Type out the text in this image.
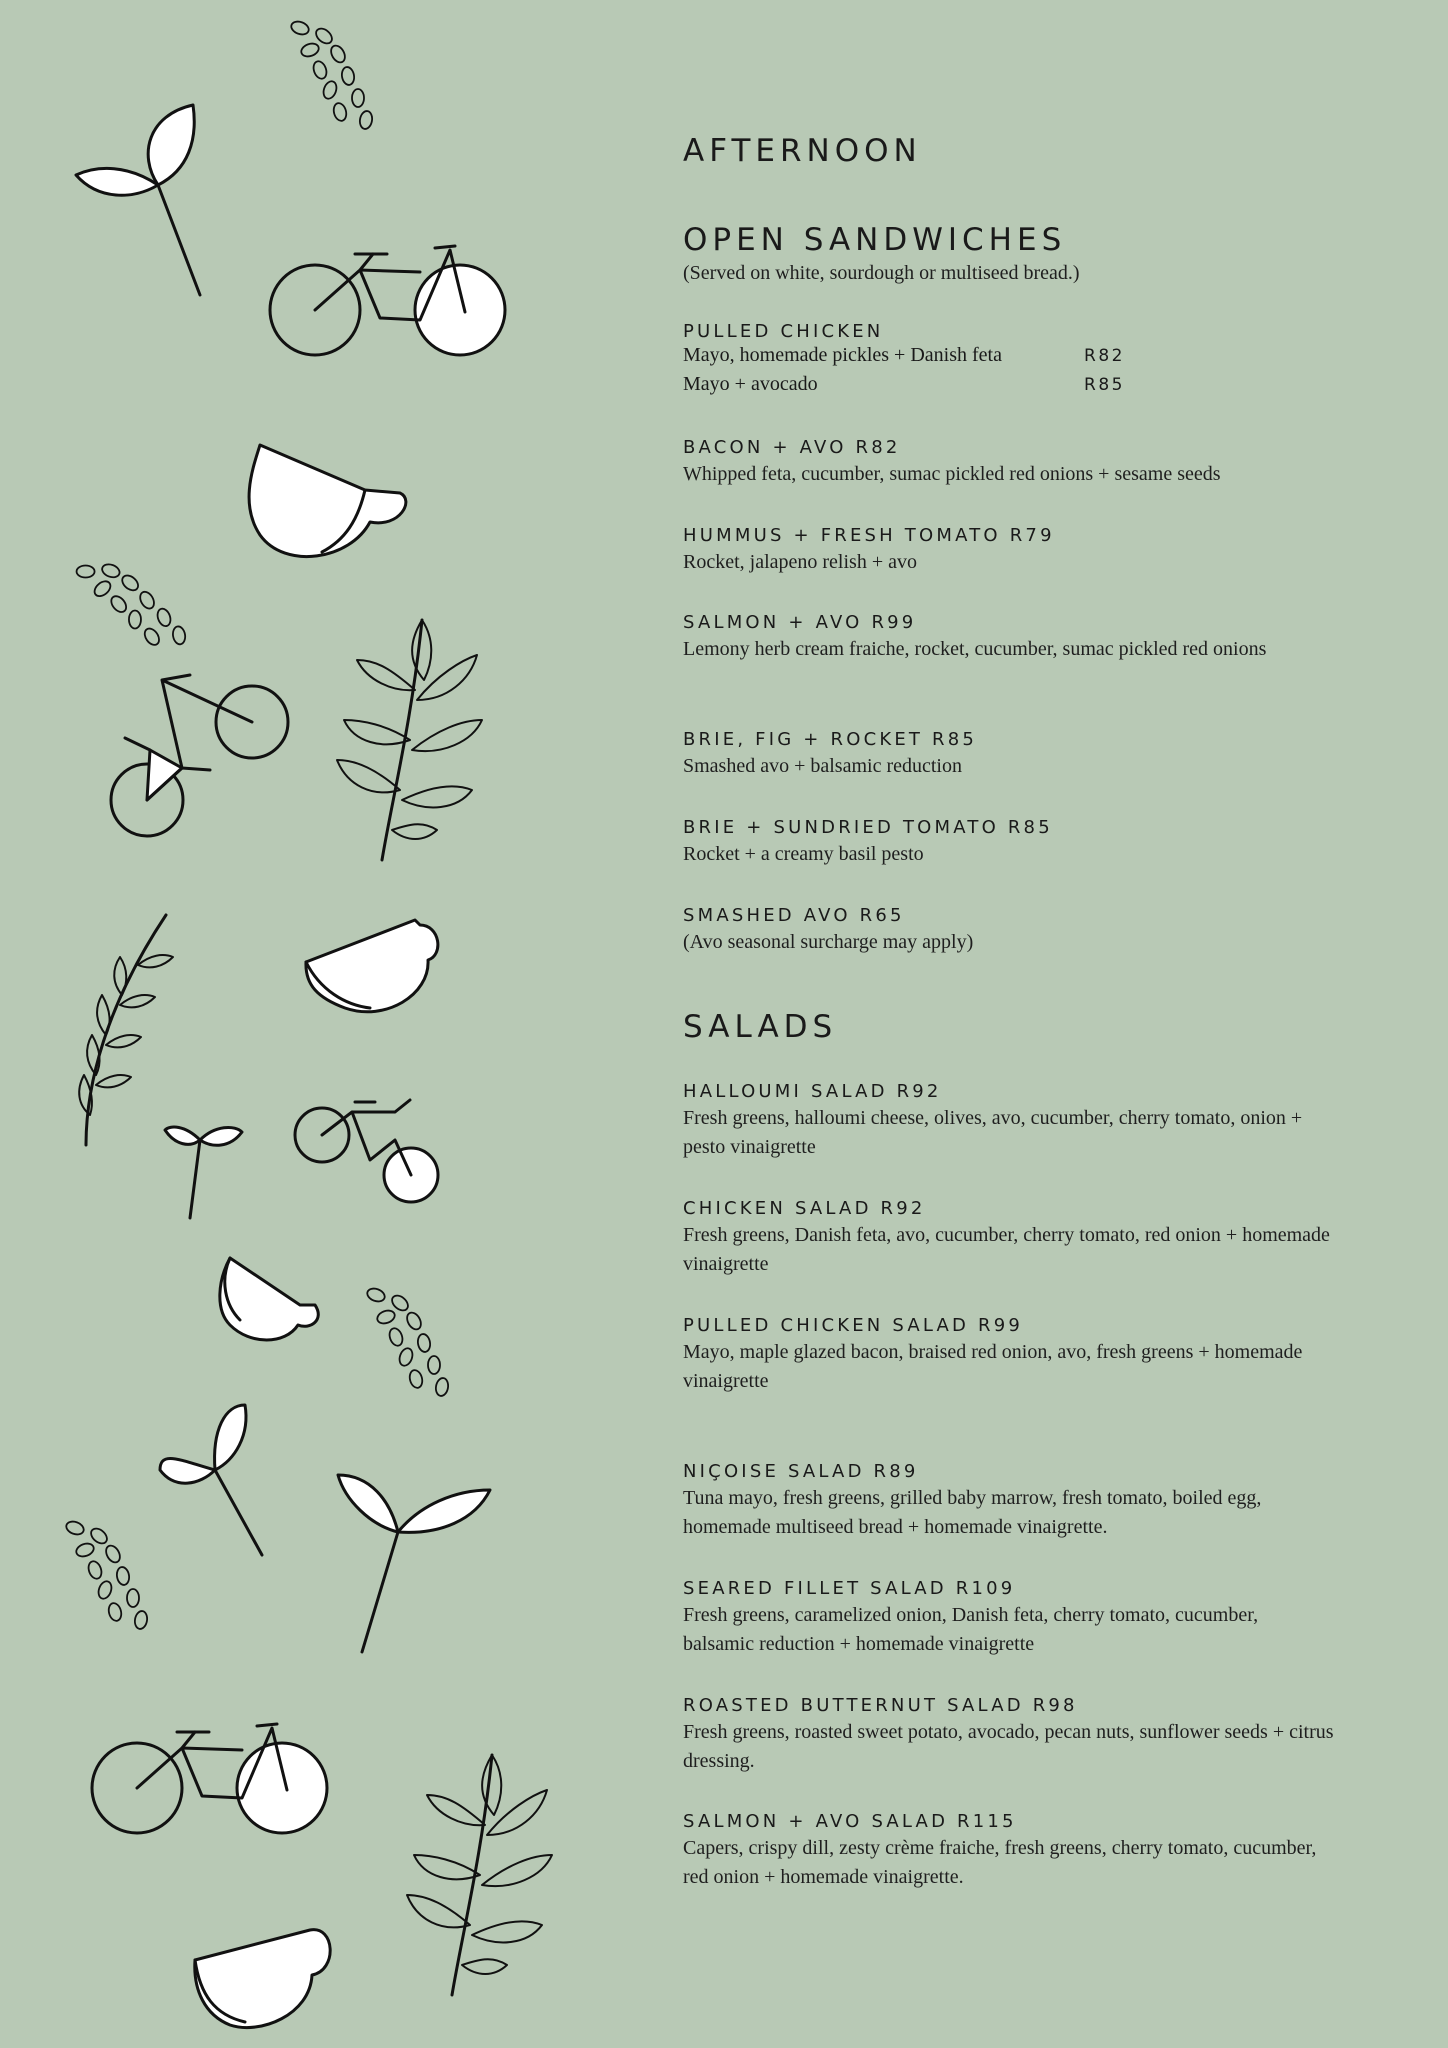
AFTERNOON
OPEN SANDWICHES
(Served on white, sourdough or multiseed bread.)
PULLED CHICKEN
Mayo, homemade pickles + Danish feta	R82
Mayo + avocado	R85
BACON + AVO R82
Whipped feta, cucumber, sumac pickled red onions + sesame seeds
HUMMUS + FRESH TOMATO R79
Rocket, jalapeno relish + avo
SALMON + AVO R99
Lemony herb cream fraiche, rocket, cucumber, sumac pickled red onions
BRIE, FIG + ROCKET R85
Smashed avo + balsamic reduction
BRIE + SUNDRIED TOMATO R85
Rocket + a creamy basil pesto
SMASHED AVO R65
(Avo seasonal surcharge may apply)
SALADS
HALLOUMI SALAD R92
Fresh greens, halloumi cheese, olives, avo, cucumber, cherry tomato, onion + pesto vinaigrette
CHICKEN SALAD R92
Fresh greens, Danish feta, avo, cucumber, cherry tomato, red onion + homemade vinaigrette
PULLED CHICKEN SALAD R99
Mayo, maple glazed bacon, braised red onion, avo, fresh greens + homemade vinaigrette
NIÇOISE SALAD R89
Tuna mayo, fresh greens, grilled baby marrow, fresh tomato, boiled egg, homemade multiseed bread + homemade vinaigrette.
SEARED FILLET SALAD R109
Fresh greens, caramelized onion, Danish feta, cherry tomato, cucumber, balsamic reduction + homemade vinaigrette
ROASTED BUTTERNUT SALAD R98
Fresh greens, roasted sweet potato, avocado, pecan nuts, sunflower seeds + citrus dressing.
SALMON + AVO SALAD R115
Capers, crispy dill, zesty crème fraiche, fresh greens, cherry tomato, cucumber, red onion + homemade vinaigrette.
